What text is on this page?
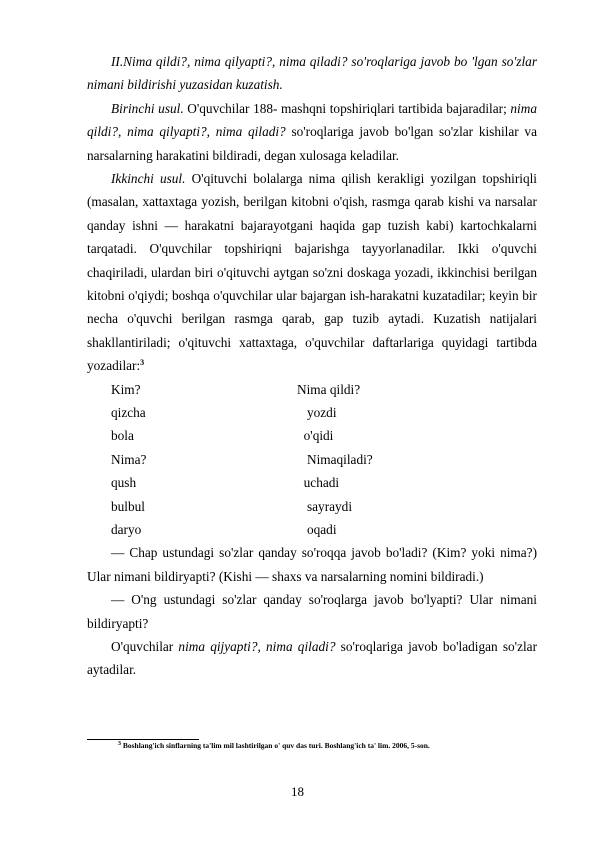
II.Nima qildi?, nima qilyapti?, nima qiladi? so'roqlariga javob bo 'lgan so'zlar nimani bildirishi yuzasidan kuzatish.

Birinchi usul. O'quvchilar 188- mashqni topshiriqlari tartibida bajaradilar; nima qildi?, nima qilyapti?, nima qiladi? so'roqlariga javob bo'lgan so'zlar kishilar va narsalarning harakatini bildiradi, degan xulosaga keladilar.

Ikkinchi usul. O'qituvchi bolalarga nima qilish kerakligi yozilgan topshiriqli (masalan, xattaxtaga yozish, berilgan kitobni o'qish, rasmga qarab kishi va narsalar qanday ishni — harakatni bajarayotgani haqida gap tuzish kabi) kartochkalarni tarqatadi. O'quvchilar topshiriqni bajarishga tayyorlanadilar. Ikki o'quvchi chaqiriladi, ulardan biri o'qituvchi aytgan so'zni doskaga yozadi, ikkinchisi berilgan kitobni o'qiydi; boshqa o'quvchilar ular bajargan ish-harakatni kuzatadilar; keyin bir necha o'quvchi berilgan rasmga qarab, gap tuzib aytadi. Kuzatish natijalari shakllantiriladi; o'qituvchi xattaxtaga, o'quvchilar daftarlariga quyidagi tartibda yozadilar:$^3$

Kim?	Nima qildi?
qizcha	yozdi
bola	o'qidi
Nima?	Nimaqiladi?
qush	uchadi
bulbul	sayraydi
daryo	oqadi

— Chap ustundagi so'zlar qanday so'roqqa javob bo'ladi? (Kim? yoki nima?) Ular nimani bildiryapti? (Kishi — shaxs va narsalarning nomini bildiradi.)

— O'ng ustundagi so'zlar qanday so'roqlarga javob bo'lyapti? Ular nimani bildiryapti?

O'quvchilar nima qijyapti?, nima qiladi? so'roqlariga javob bo'ladigan so'zlar aytadilar.

$^3$ Boshlang'ich sinflarning ta'lim mil lashtirilgan o' quv das turi. Boshlang'ich ta' lim. 2006, 5-son.
18
